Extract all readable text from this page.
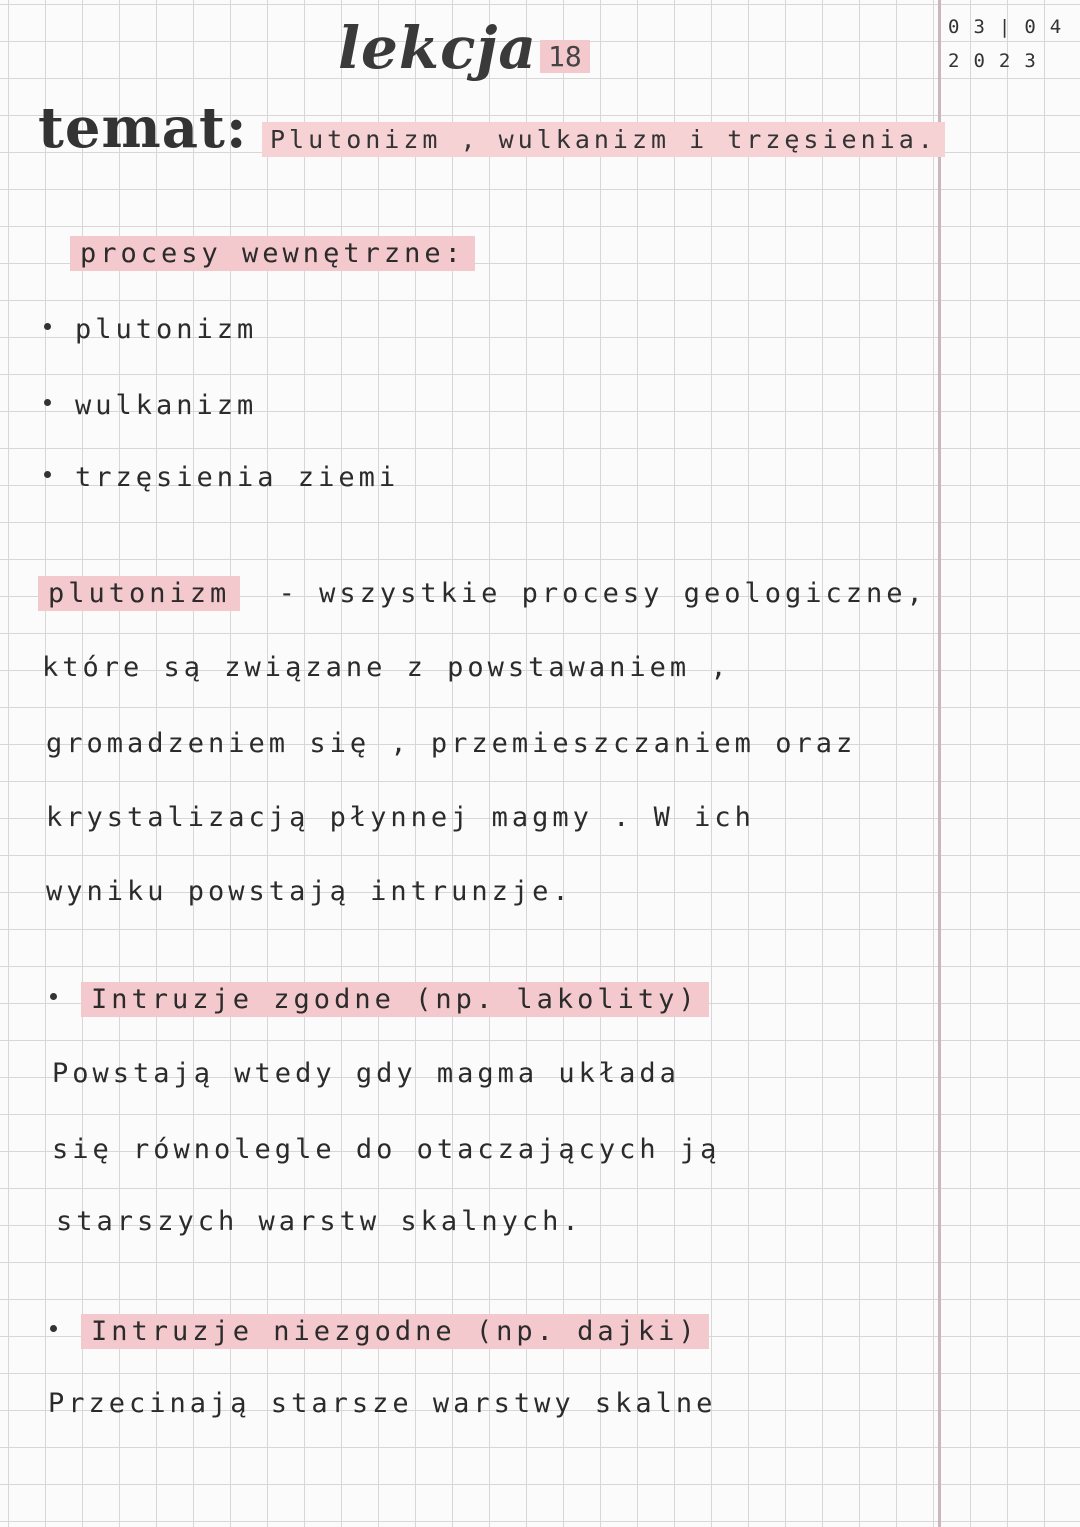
03|04
2023
lekcja 18
temat: Plutonizm , wulkanizm i trzęsienia.
procesy wewnętrzne:
plutonizm
wulkanizm
trzęsienia ziemi
plutonizm - wszystkie procesy geologiczne,
które są związane z powstawaniem ,
gromadzeniem się , przemieszczaniem oraz
krystalizacją płynnej magmy . W ich
wyniku powstają intrunzje.
Intruzje zgodne (np. lakolity)
Powstają wtedy gdy magma układa
się równolegle do otaczających ją
starszych warstw skalnych.
Intruzje niezgodne (np. dajki)
Przecinają starsze warstwy skalne
